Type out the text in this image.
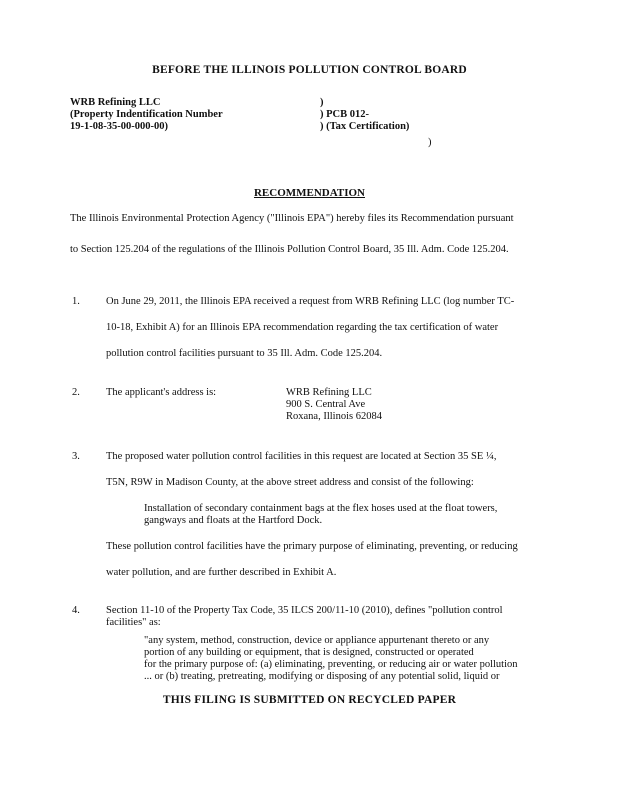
BEFORE THE ILLINOIS POLLUTION CONTROL BOARD
WRB Refining LLC
(Property Indentification Number
19-1-08-35-00-000-00)
)
) PCB 012-
) (Tax Certification)
)
RECOMMENDATION
The Illinois Environmental Protection Agency ("Illinois EPA") hereby files its Recommendation pursuant
to Section 125.204 of the regulations of the Illinois Pollution Control Board, 35 Ill. Adm. Code 125.204.
1. On June 29, 2011, the Illinois EPA received a request from WRB Refining LLC (log number TC-
10-18, Exhibit A) for an Illinois EPA recommendation regarding the tax certification of water
pollution control facilities pursuant to 35 Ill. Adm. Code 125.204.
2. The applicant's address is:	WRB Refining LLC
900 S. Central Ave
Roxana, Illinois 62084
3. The proposed water pollution control facilities in this request are located at Section 35 SE ¼,
T5N, R9W in Madison County, at the above street address and consist of the following:
Installation of secondary containment bags at the flex hoses used at the float towers,
gangways and floats at the Hartford Dock.
These pollution control facilities have the primary purpose of eliminating, preventing, or reducing
water pollution, and are further described in Exhibit A.
4. Section 11-10 of the Property Tax Code, 35 ILCS 200/11-10 (2010), defines "pollution control
facilities" as:
"any system, method, construction, device or appliance appurtenant thereto or any
portion of any building or equipment, that is designed, constructed or operated
for the primary purpose of: (a) eliminating, preventing, or reducing air or water pollution
... or (b) treating, pretreating, modifying or disposing of any potential solid, liquid or
THIS FILING IS SUBMITTED ON RECYCLED PAPER
